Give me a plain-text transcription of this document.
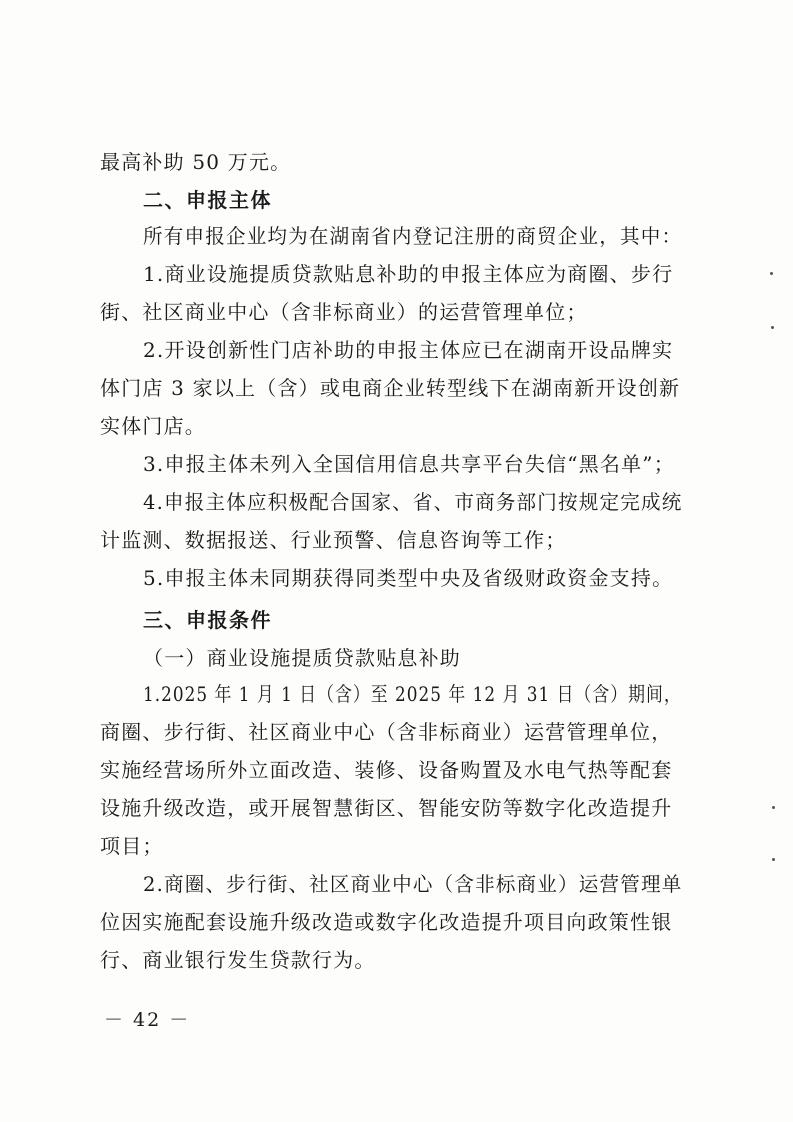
最高补助 50 万元。
二、申报主体
所有申报企业均为在湖南省内登记注册的商贸企业，其中：
1.商业设施提质贷款贴息补助的申报主体应为商圈、步行
街、社区商业中心（含非标商业）的运营管理单位；
2.开设创新性门店补助的申报主体应已在湖南开设品牌实
体门店 3 家以上（含）或电商企业转型线下在湖南新开设创新
实体门店。
3.申报主体未列入全国信用信息共享平台失信“黑名单”；
4.申报主体应积极配合国家、省、市商务部门按规定完成统
计监测、数据报送、行业预警、信息咨询等工作；
5.申报主体未同期获得同类型中央及省级财政资金支持。
三、申报条件
（一）商业设施提质贷款贴息补助
1.2025 年 1 月 1 日（含）至 2025 年 12 月 31 日（含）期间，
商圈、步行街、社区商业中心（含非标商业）运营管理单位，
实施经营场所外立面改造、装修、设备购置及水电气热等配套
设施升级改造，或开展智慧街区、智能安防等数字化改造提升
项目；
2.商圈、步行街、社区商业中心（含非标商业）运营管理单
位因实施配套设施升级改造或数字化改造提升项目向政策性银
行、商业银行发生贷款行为。
－ 42 －
